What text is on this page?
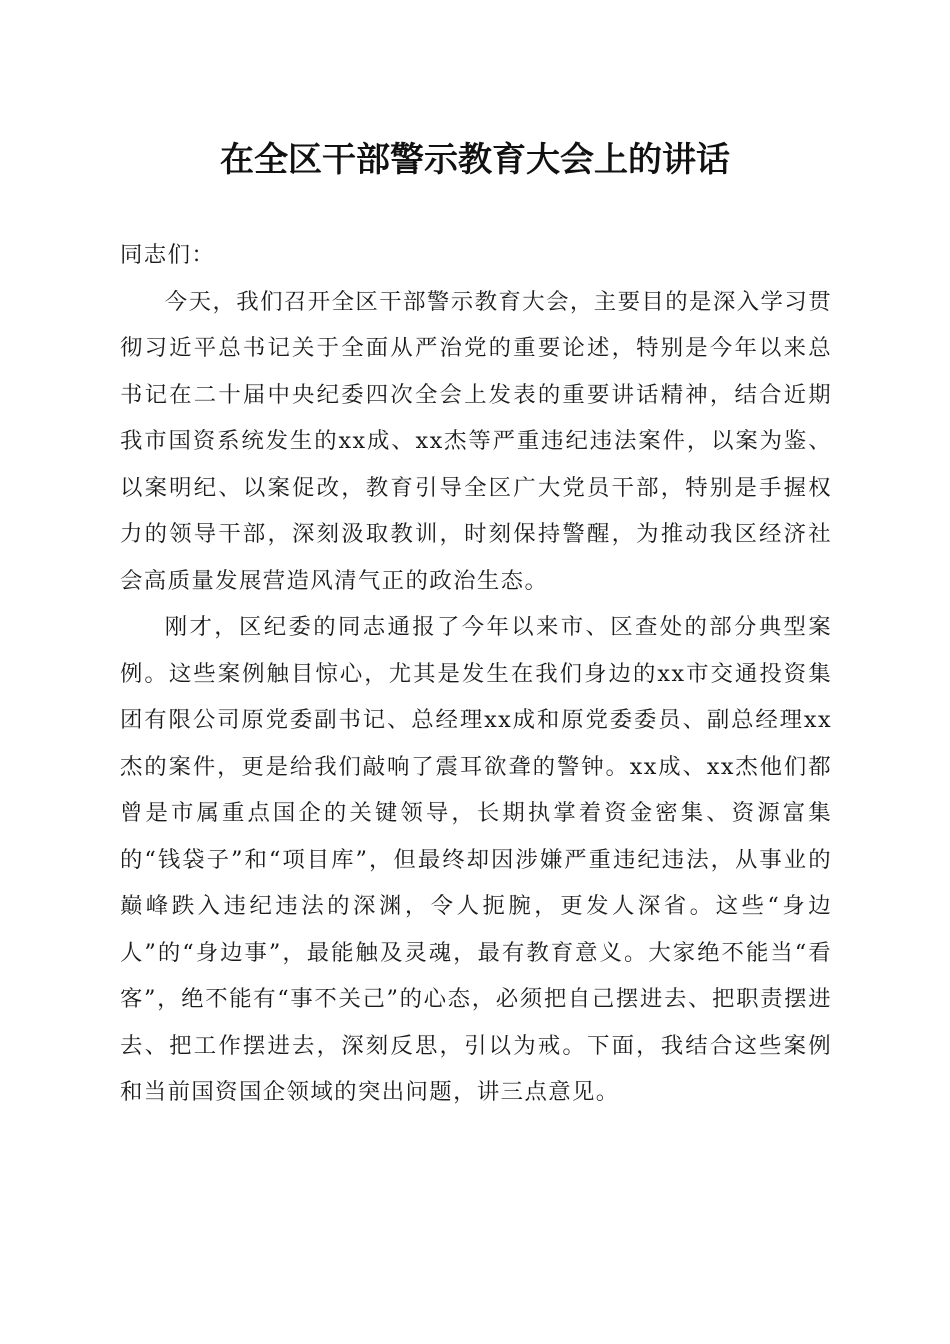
在全区干部警示教育大会上的讲话

同志们：

今天，我们召开全区干部警示教育大会，主要目的是深入学习贯彻习近平总书记关于全面从严治党的重要论述，特别是今年以来总书记在二十届中央纪委四次全会上发表的重要讲话精神，结合近期我市国资系统发生的xx成、xx杰等严重违纪违法案件，以案为鉴、以案明纪、以案促改，教育引导全区广大党员干部，特别是手握权力的领导干部，深刻汲取教训，时刻保持警醒，为推动我区经济社会高质量发展营造风清气正的政治生态。

刚才，区纪委的同志通报了今年以来市、区查处的部分典型案例。这些案例触目惊心，尤其是发生在我们身边的xx市交通投资集团有限公司原党委副书记、总经理xx成和原党委委员、副总经理xx杰的案件，更是给我们敲响了震耳欲聋的警钟。xx成、xx杰他们都曾是市属重点国企的关键领导，长期执掌着资金密集、资源富集的“钱袋子”和“项目库”，但最终却因涉嫌严重违纪违法，从事业的巅峰跌入违纪违法的深渊，令人扼腕，更发人深省。这些“身边人”的“身边事”，最能触及灵魂，最有教育意义。大家绝不能当“看客”，绝不能有“事不关己”的心态，必须把自己摆进去、把职责摆进去、把工作摆进去，深刻反思，引以为戒。下面，我结合这些案例和当前国资国企领域的突出问题，讲三点意见。
